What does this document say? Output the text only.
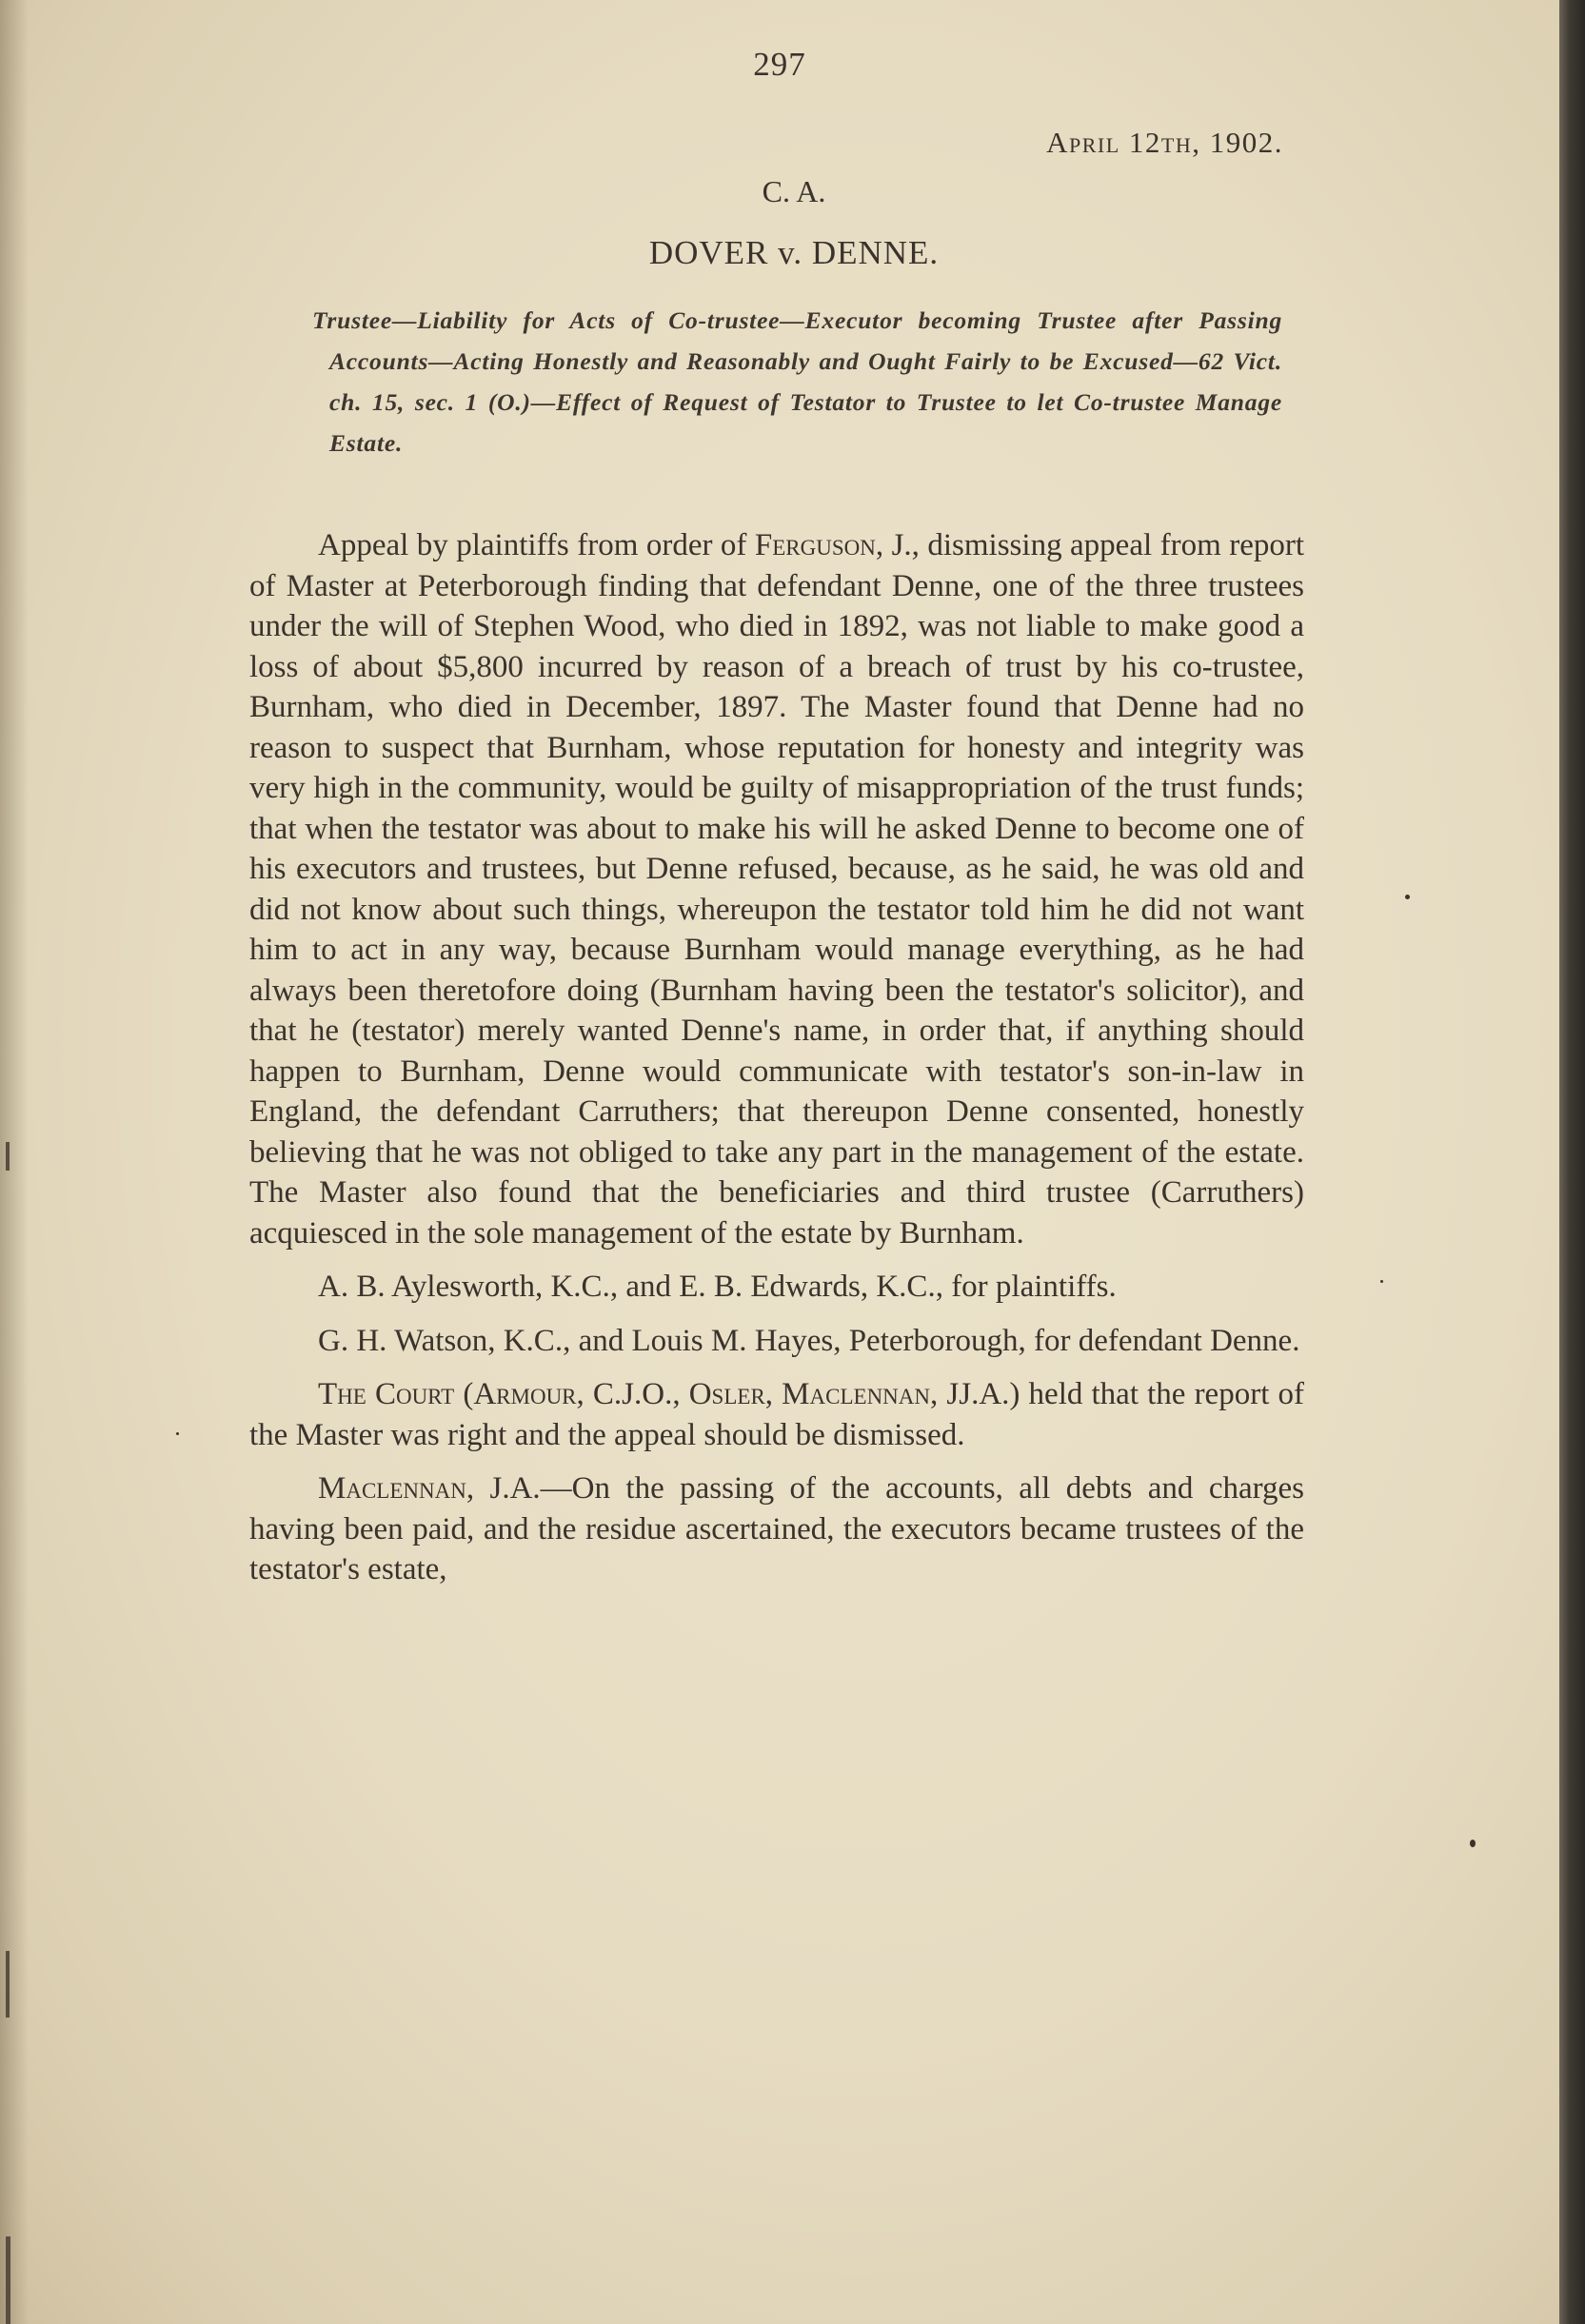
297
April 12th, 1902.
C. A.
DOVER v. DENNE.
Trustee—Liability for Acts of Co-trustee—Executor becoming Trustee after Passing Accounts—Acting Honestly and Reasonably and Ought Fairly to be Excused—62 Vict. ch. 15, sec. 1 (O.)—Effect of Request of Testator to Trustee to let Co-trustee Manage Estate.

Appeal by plaintiffs from order of Ferguson, J., dismissing appeal from report of Master at Peterborough finding that defendant Denne, one of the three trustees under the will of Stephen Wood, who died in 1892, was not liable to make good a loss of about $5,800 incurred by reason of a breach of trust by his co-trustee, Burnham, who died in December, 1897. The Master found that Denne had no reason to suspect that Burnham, whose reputation for honesty and integrity was very high in the community, would be guilty of misappropriation of the trust funds; that when the testator was about to make his will he asked Denne to become one of his executors and trustees, but Denne refused, because, as he said, he was old and did not know about such things, whereupon the testator told him he did not want him to act in any way, because Burnham would manage everything, as he had always been theretofore doing (Burnham having been the testator's solicitor), and that he (testator) merely wanted Denne's name, in order that, if anything should happen to Burnham, Denne would communicate with testator's son-in-law in England, the defendant Carruthers; that thereupon Denne consented, honestly believing that he was not obliged to take any part in the management of the estate. The Master also found that the beneficiaries and third trustee (Carruthers) acquiesced in the sole management of the estate by Burnham.

A. B. Aylesworth, K.C., and E. B. Edwards, K.C., for plaintiffs.

G. H. Watson, K.C., and Louis M. Hayes, Peterborough, for defendant Denne.

The Court (Armour, C.J.O., Osler, Maclennan, JJ.A.) held that the report of the Master was right and the appeal should be dismissed.

Maclennan, J.A.—On the passing of the accounts, all debts and charges having been paid, and the residue ascertained, the executors became trustees of the testator's estate,
